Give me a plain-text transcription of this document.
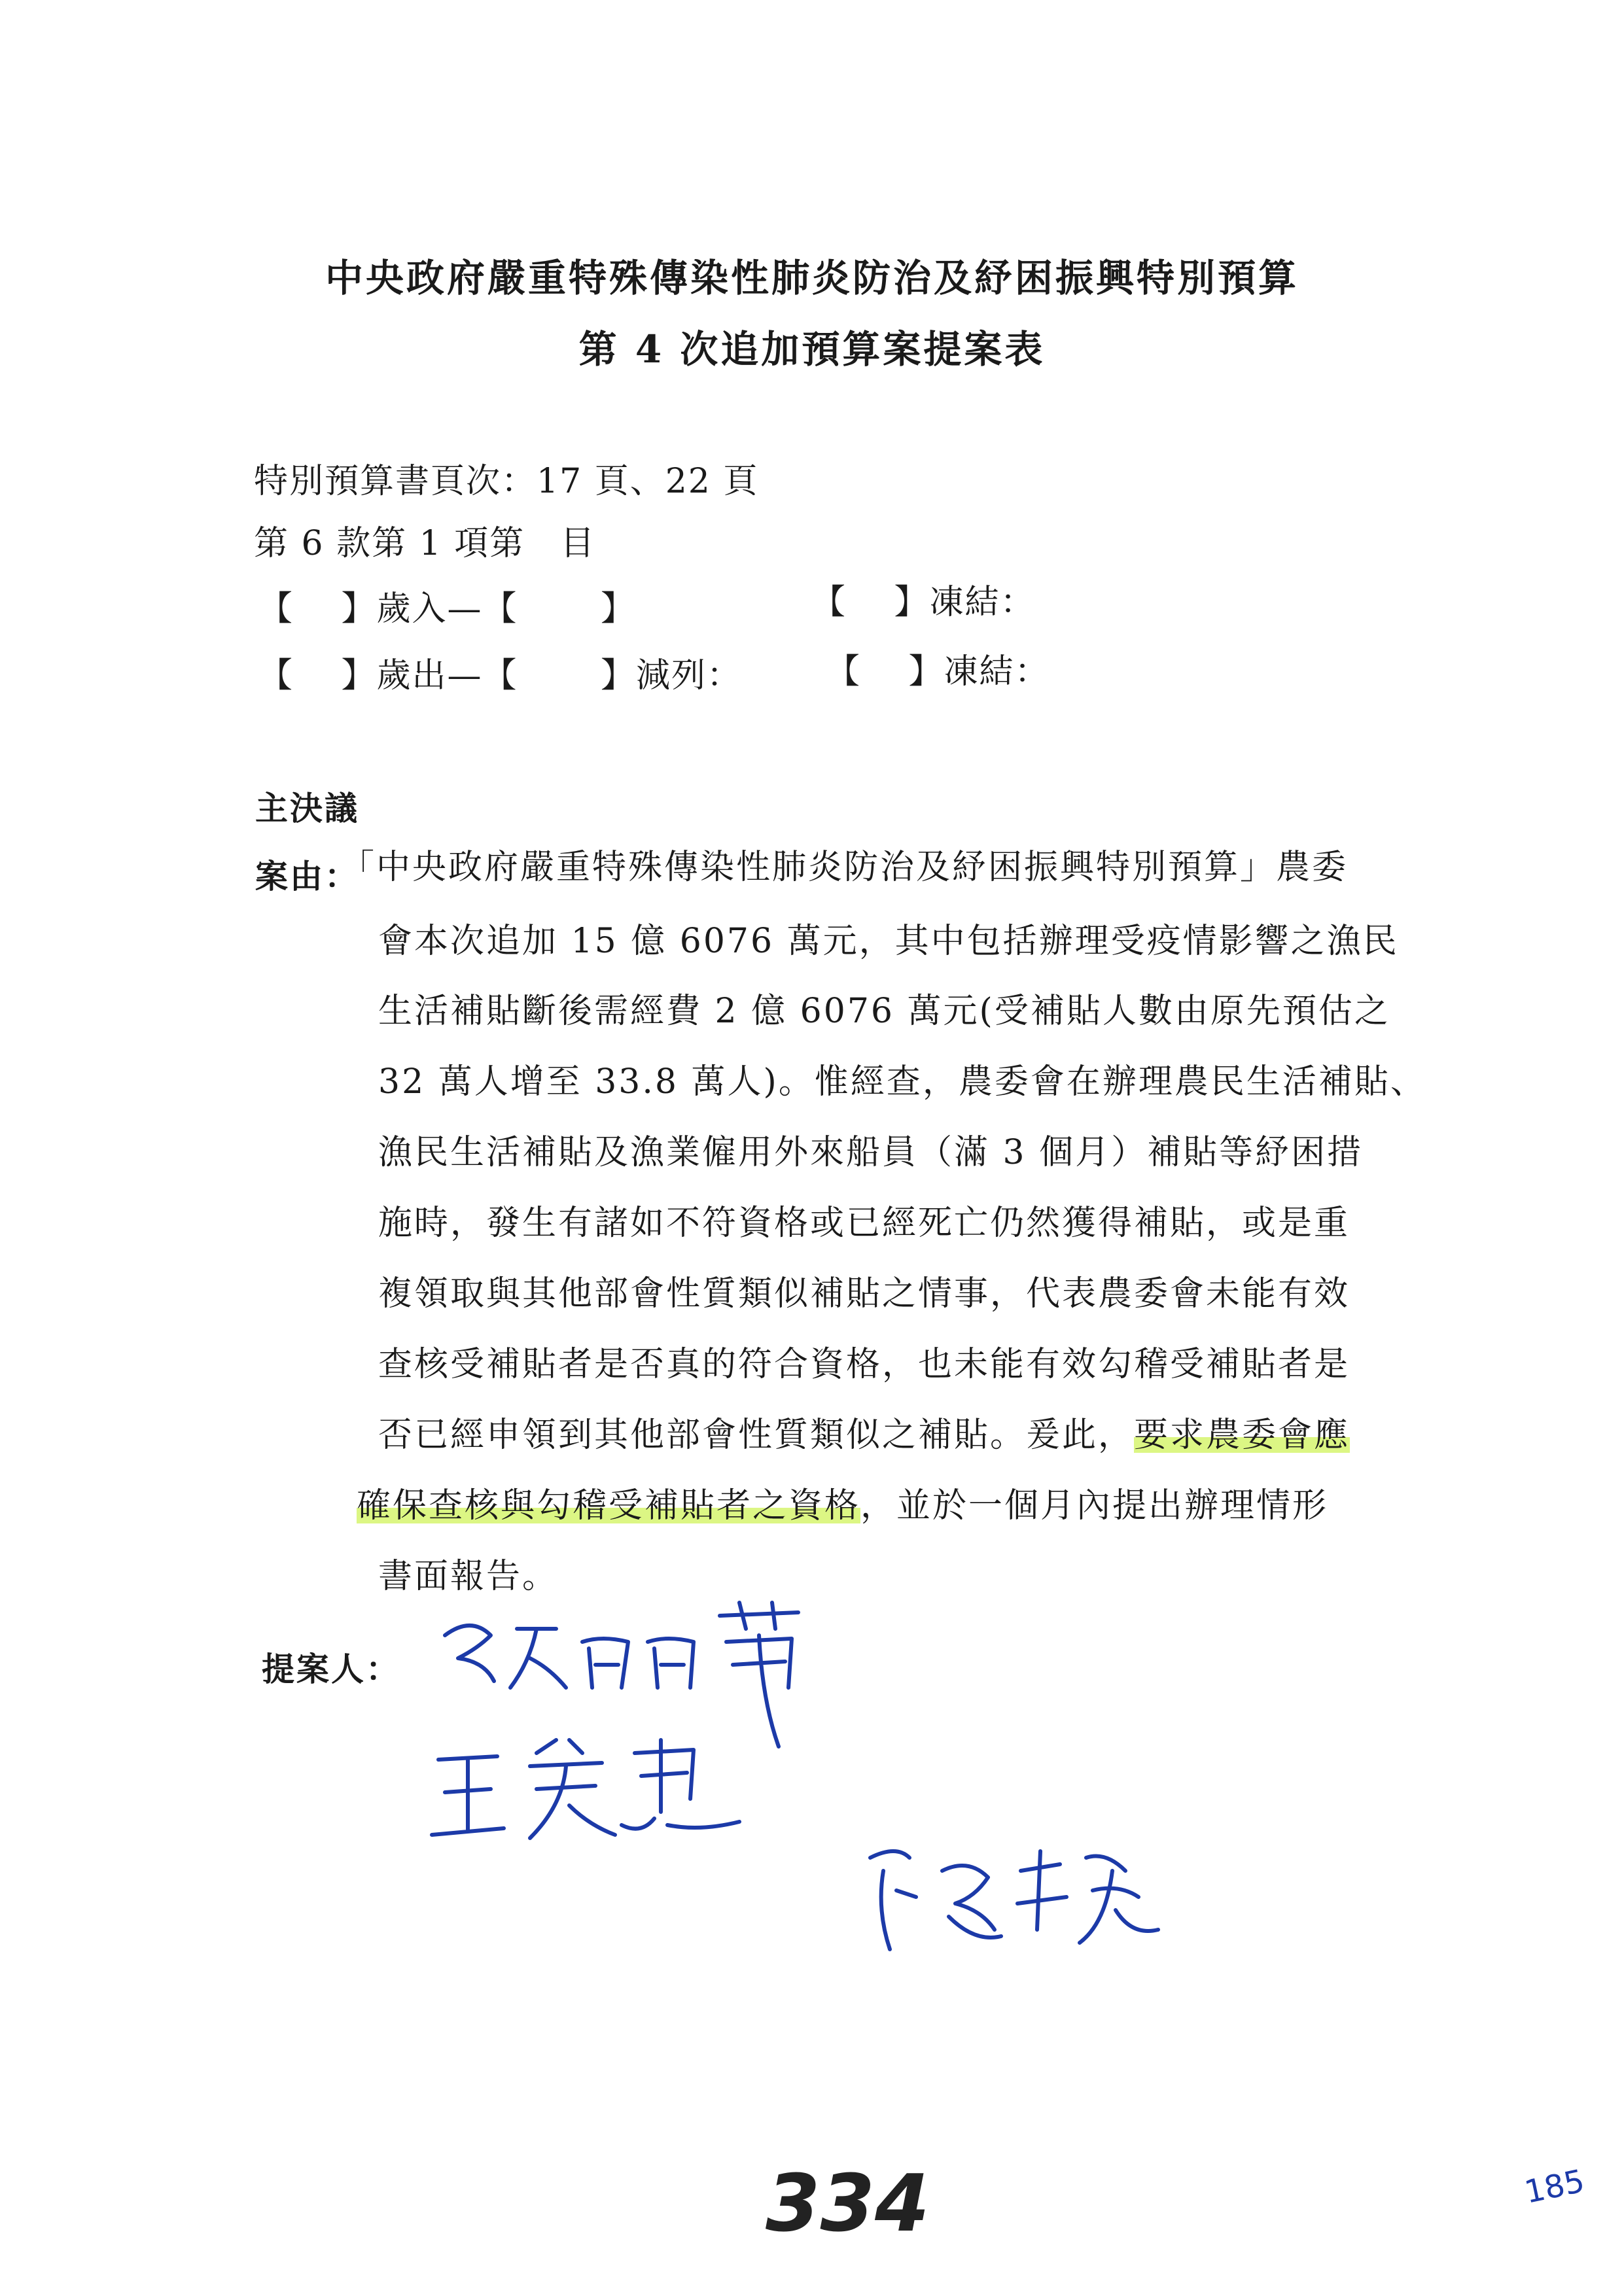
中央政府嚴重特殊傳染性肺炎防治及紓困振興特別預算
第 4 次追加預算案提案表
特別預算書頁次：17 頁、22 頁
第 6 款第 1 項第　目
【　 】歲入—【　　 】	【　 】凍結：
【　 】歲出—【　　 】減列： 【　 】凍結：
主決議
案由：
「中央政府嚴重特殊傳染性肺炎防治及紓困振興特別預算」農委
會本次追加 15 億 6076 萬元，其中包括辦理受疫情影響之漁民
生活補貼斷後需經費 2 億 6076 萬元(受補貼人數由原先預估之
32 萬人增至 33.8 萬人)。惟經查，農委會在辦理農民生活補貼、
漁民生活補貼及漁業僱用外來船員（滿 3 個月）補貼等紓困措
施時，發生有諸如不符資格或已經死亡仍然獲得補貼，或是重
複領取與其他部會性質類似補貼之情事，代表農委會未能有效
查核受補貼者是否真的符合資格，也未能有效勾稽受補貼者是
否已經申領到其他部會性質類似之補貼。爰此，要求農委會應
確保查核與勾稽受補貼者之資格，並於一個月內提出辦理情形
書面報告。
提案人：
334	185
